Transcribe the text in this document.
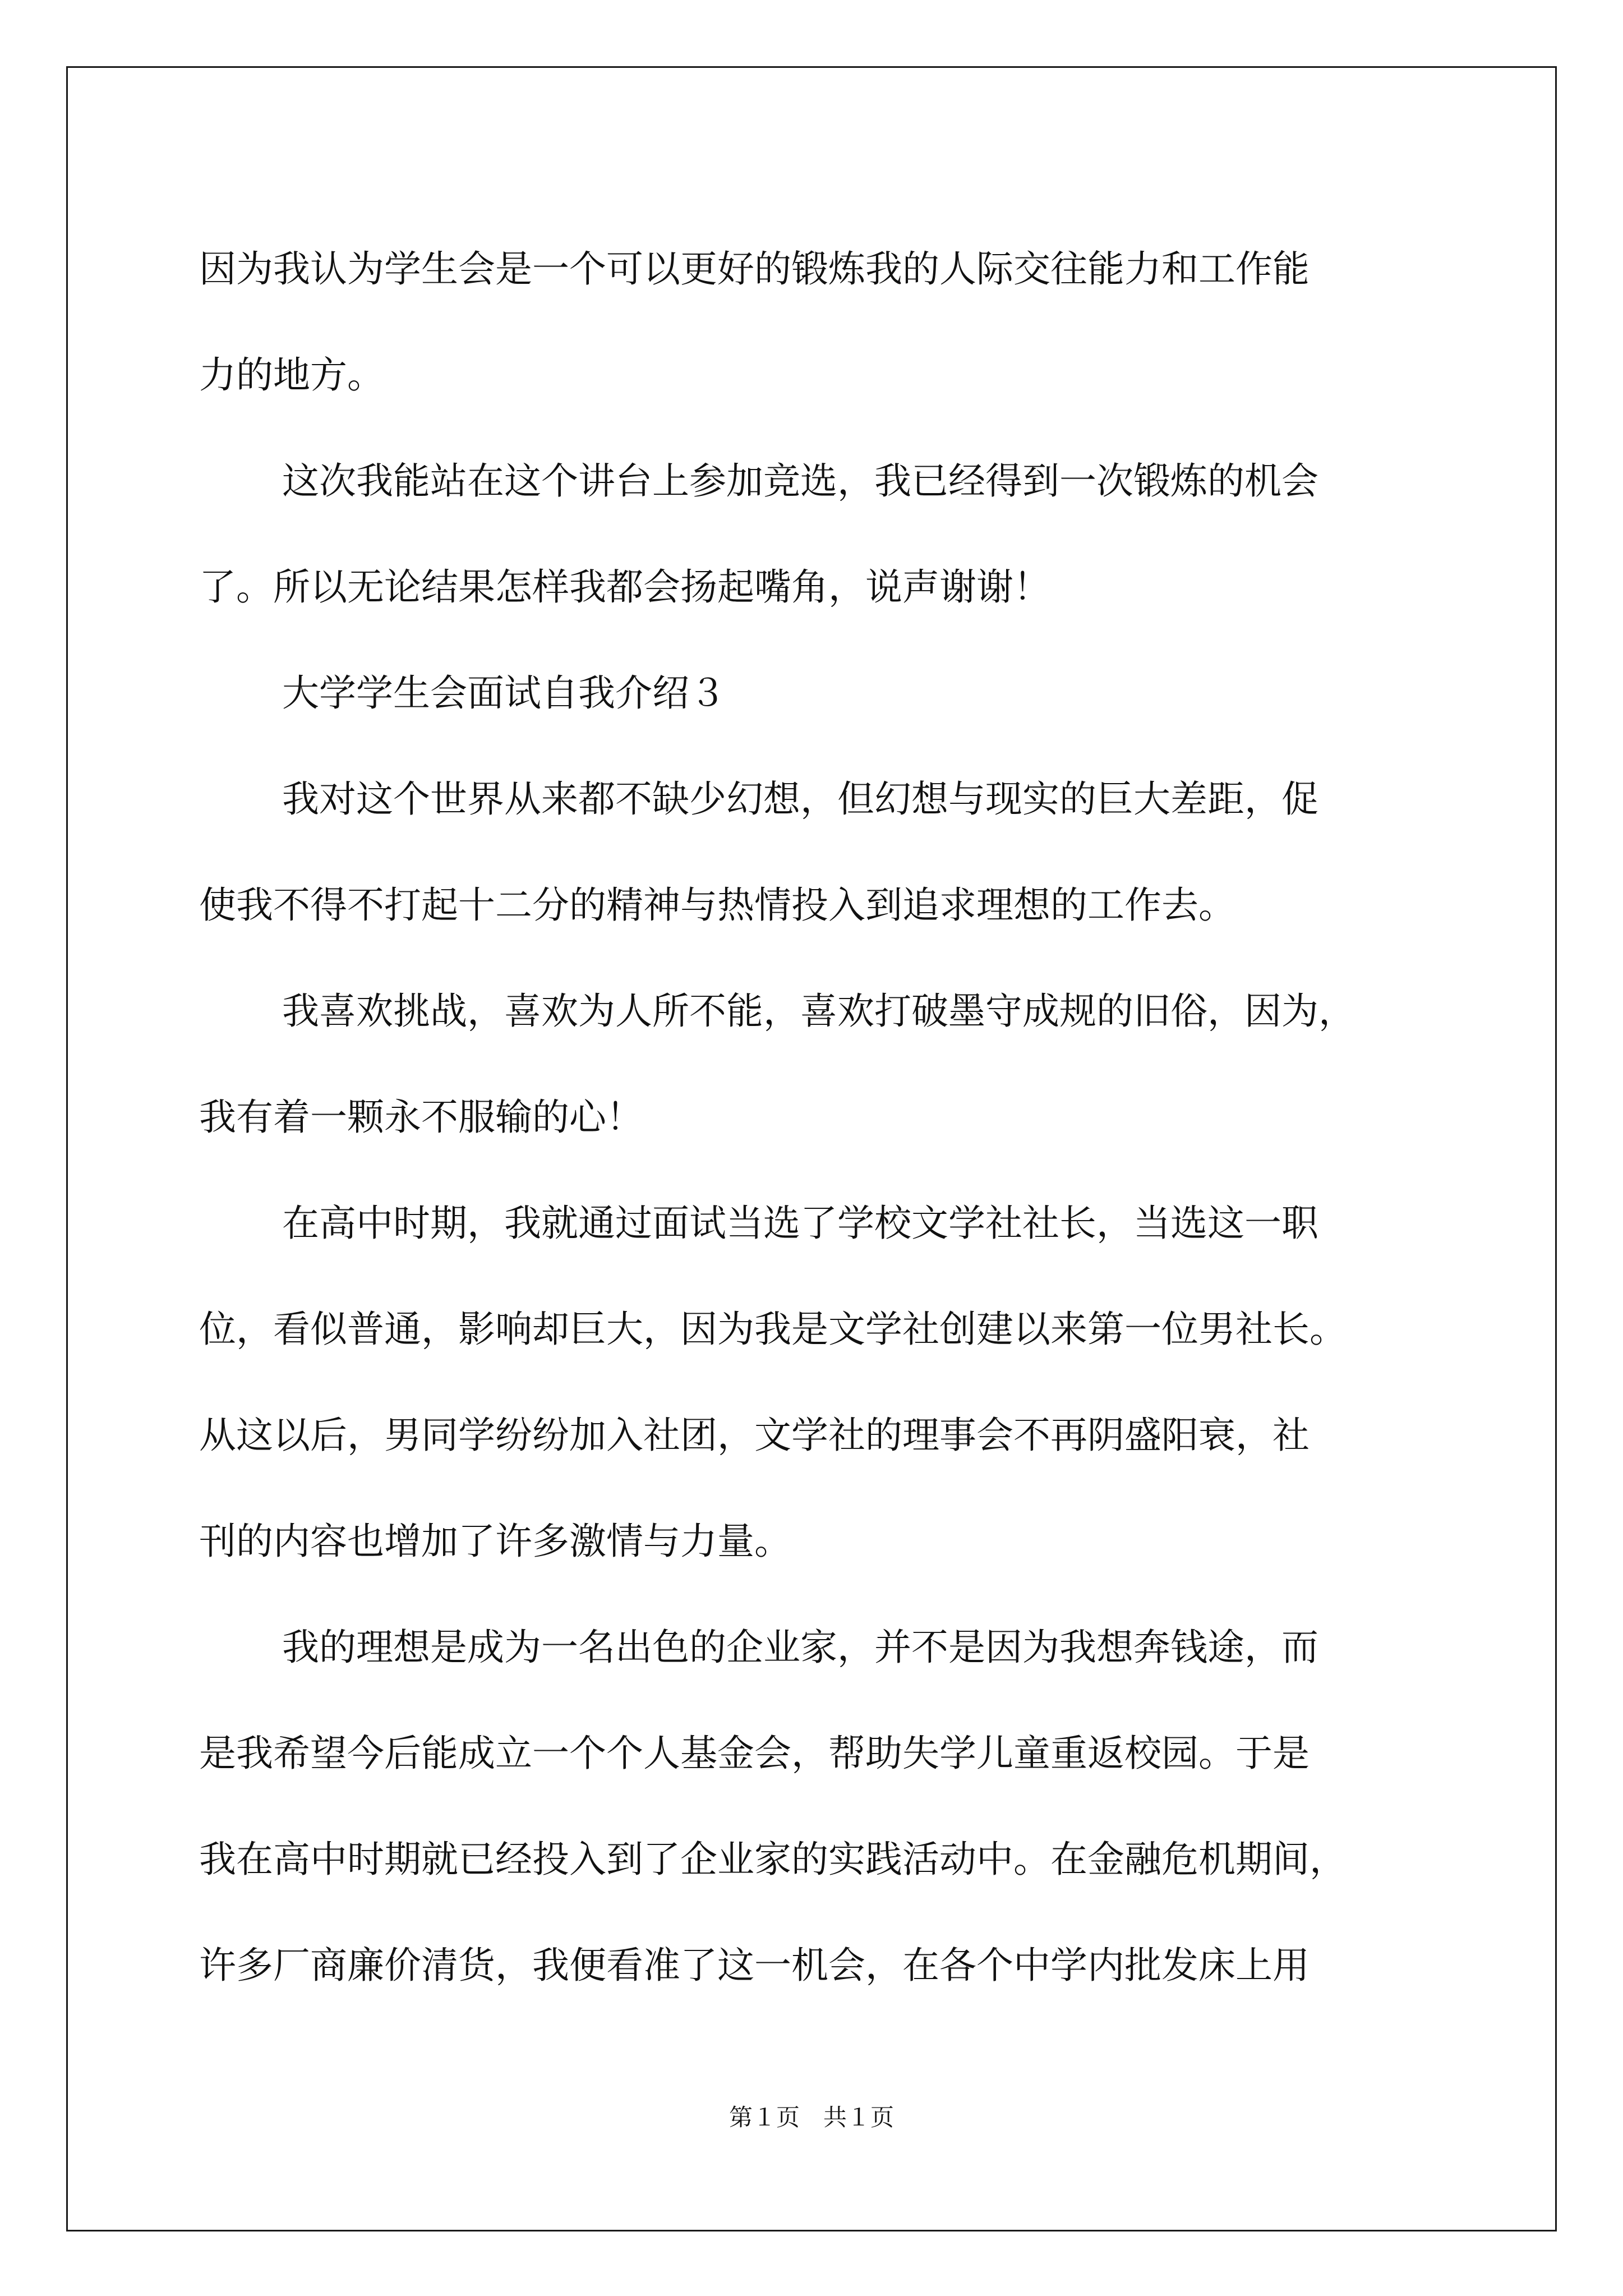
因为我认为学生会是一个可以更好的锻炼我的人际交往能力和工作能
力的地方。
这次我能站在这个讲台上参加竞选，我已经得到一次锻炼的机会
了。所以无论结果怎样我都会扬起嘴角，说声谢谢！
大学学生会面试自我介绍３
我对这个世界从来都不缺少幻想，但幻想与现实的巨大差距，促
使我不得不打起十二分的精神与热情投入到追求理想的工作去。
我喜欢挑战，喜欢为人所不能，喜欢打破墨守成规的旧俗，因为，
我有着一颗永不服输的心！
在高中时期，我就通过面试当选了学校文学社社长，当选这一职
位，看似普通，影响却巨大，因为我是文学社创建以来第一位男社长。
从这以后，男同学纷纷加入社团，文学社的理事会不再阴盛阳衰，社
刊的内容也增加了许多激情与力量。
我的理想是成为一名出色的企业家，并不是因为我想奔钱途，而
是我希望今后能成立一个个人基金会，帮助失学儿童重返校园。于是
我在高中时期就已经投入到了企业家的实践活动中。在金融危机期间，
许多厂商廉价清货，我便看准了这一机会，在各个中学内批发床上用
第１页　共１页
